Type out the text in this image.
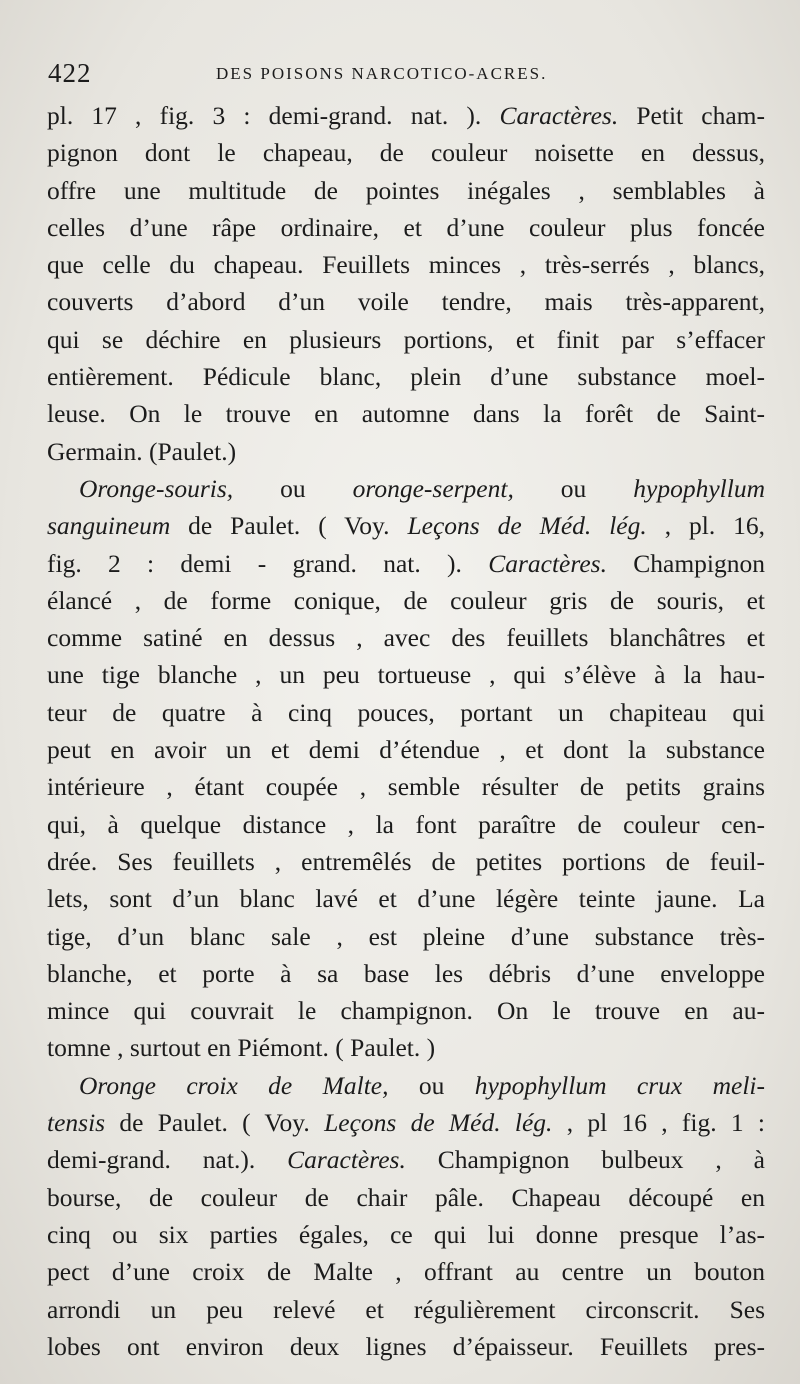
422	DES POISONS NARCOTICO-ACRES.
pl. 17 , fig. 3 : demi-grand. nat. ). Caractères. Petit cham-
pignon dont le chapeau, de couleur noisette en dessus,
offre une multitude de pointes inégales , semblables à
celles d’une râpe ordinaire, et d’une couleur plus foncée
que celle du chapeau. Feuillets minces , très-serrés , blancs,
couverts d’abord d’un voile tendre, mais très-apparent,
qui se déchire en plusieurs portions, et finit par s’effacer
entièrement. Pédicule blanc, plein d’une substance moel-
leuse. On le trouve en automne dans la forêt de Saint-
Germain. (Paulet.)
Oronge-souris, ou oronge-serpent, ou hypophyllum
sanguineum de Paulet. ( Voy. Leçons de Méd. lég. , pl. 16,
fig. 2 : demi - grand. nat. ). Caractères. Champignon
élancé , de forme conique, de couleur gris de souris, et
comme satiné en dessus , avec des feuillets blanchâtres et
une tige blanche , un peu tortueuse , qui s’élève à la hau-
teur de quatre à cinq pouces, portant un chapiteau qui
peut en avoir un et demi d’étendue , et dont la substance
intérieure , étant coupée , semble résulter de petits grains
qui, à quelque distance , la font paraître de couleur cen-
drée. Ses feuillets , entremêlés de petites portions de feuil-
lets, sont d’un blanc lavé et d’une légère teinte jaune. La
tige, d’un blanc sale , est pleine d’une substance très-
blanche, et porte à sa base les débris d’une enveloppe
mince qui couvrait le champignon. On le trouve en au-
tomne , surtout en Piémont. ( Paulet. )
Oronge croix de Malte, ou hypophyllum crux meli-
tensis de Paulet. ( Voy. Leçons de Méd. lég. , pl 16 , fig. 1 :
demi-grand. nat.). Caractères. Champignon bulbeux , à
bourse, de couleur de chair pâle. Chapeau découpé en
cinq ou six parties égales, ce qui lui donne presque l’as-
pect d’une croix de Malte , offrant au centre un bouton
arrondi un peu relevé et régulièrement circonscrit. Ses
lobes ont environ deux lignes d’épaisseur. Feuillets pres-
